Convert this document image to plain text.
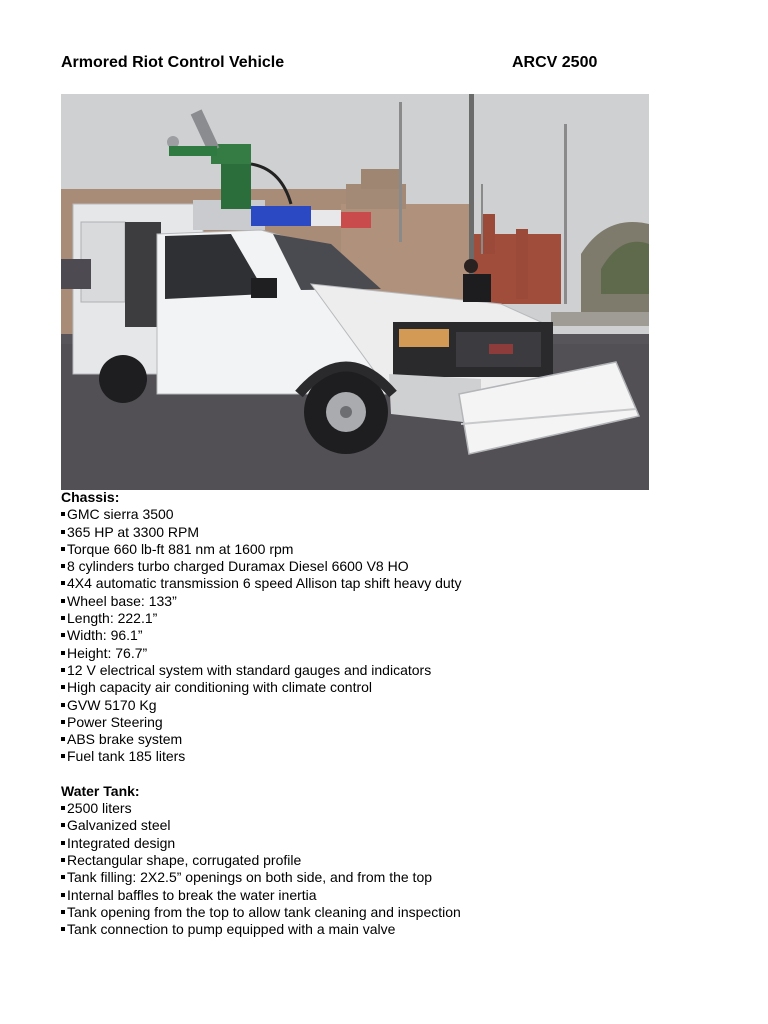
Armored Riot Control Vehicle	ARCV 2500
Chassis:
GMC sierra 3500
365 HP at 3300 RPM
Torque 660 lb-ft 881 nm at 1600 rpm
8 cylinders turbo charged Duramax Diesel 6600 V8 HO
4X4 automatic transmission 6 speed Allison tap shift heavy duty
Wheel base: 133”
Length: 222.1”
Width: 96.1”
Height: 76.7”
12 V electrical system with standard gauges and indicators
High capacity air conditioning with climate control
GVW 5170 Kg
Power Steering
ABS brake system
Fuel tank 185 liters
Water Tank:
2500 liters
Galvanized steel
Integrated design
Rectangular shape, corrugated profile
Tank filling: 2X2.5” openings on both side, and from the top
Internal baffles to break the water inertia
Tank opening from the top to allow tank cleaning and inspection
Tank connection to pump equipped with a main valve
